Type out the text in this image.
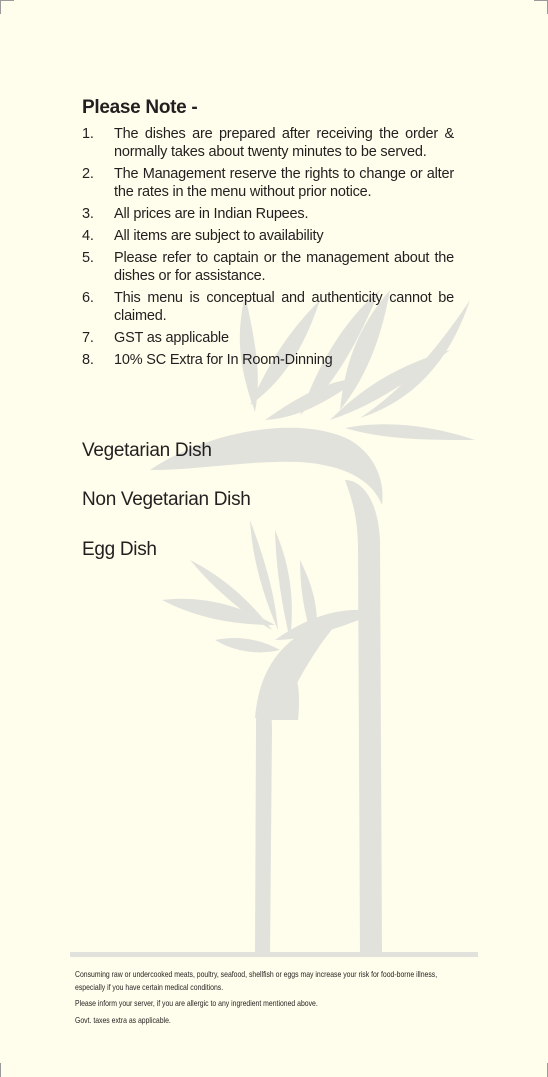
Please Note -
1. The dishes are prepared after receiving the order & normally takes about twenty minutes to be served.
2. The Management reserve the rights to change or alter the rates in the menu without prior notice.
3. All prices are in Indian Rupees.
4. All items are subject to availability
5. Please refer to captain or the management about the dishes or for assistance.
6. This menu is conceptual and authenticity cannot be claimed.
7. GST as applicable
8. 10% SC Extra for In Room-Dinning

Vegetarian Dish

Non Vegetarian Dish

Egg Dish

Consuming raw or undercooked meats, poultry, seafood, shellfish or eggs may increase your risk for food-borne illness, especially if you have certain medical conditions.

Please inform your server, if you are allergic to any ingredient mentioned above.

Govt. taxes extra as applicable.
